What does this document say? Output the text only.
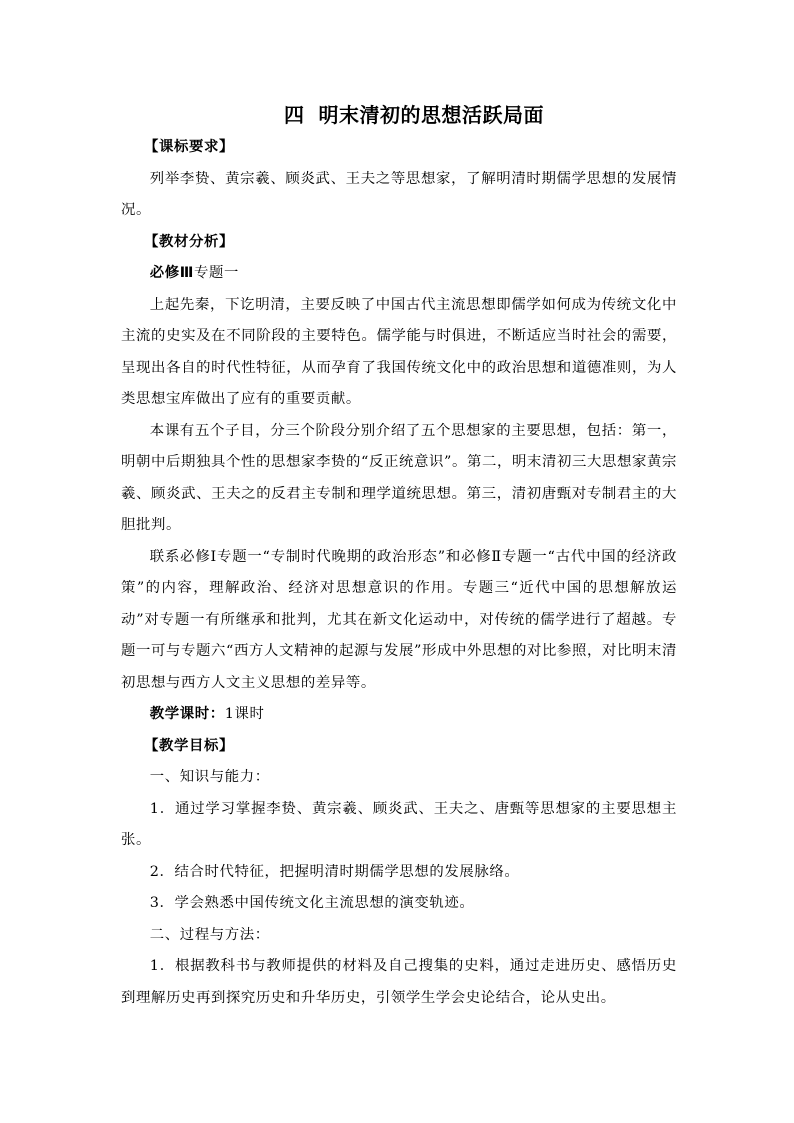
四 明末清初的思想活跃局面

【课标要求】

列举李贽、黄宗羲、顾炎武、王夫之等思想家，了解明清时期儒学思想的发展情况。

【教材分析】

必修Ⅲ专题一

上起先秦，下讫明清，主要反映了中国古代主流思想即儒学如何成为传统文化中主流的史实及在不同阶段的主要特色。儒学能与时俱进，不断适应当时社会的需要，呈现出各自的时代性特征，从而孕育了我国传统文化中的政治思想和道德准则，为人类思想宝库做出了应有的重要贡献。

本课有五个子目，分三个阶段分别介绍了五个思想家的主要思想，包括：第一，明朝中后期独具个性的思想家李贽的“反正统意识”。第二，明末清初三大思想家黄宗羲、顾炎武、王夫之的反君主专制和理学道统思想。第三，清初唐甄对专制君主的大胆批判。

联系必修Ⅰ专题一“专制时代晚期的政治形态”和必修Ⅱ专题一“古代中国的经济政策”的内容，理解政治、经济对思想意识的作用。专题三“近代中国的思想解放运动”对专题一有所继承和批判，尤其在新文化运动中，对传统的儒学进行了超越。专题一可与专题六“西方人文精神的起源与发展”形成中外思想的对比参照，对比明末清初思想与西方人文主义思想的差异等。

教学课时：1课时

【教学目标】

一、知识与能力：

1．通过学习掌握李贽、黄宗羲、顾炎武、王夫之、唐甄等思想家的主要思想主张。

2．结合时代特征，把握明清时期儒学思想的发展脉络。

3．学会熟悉中国传统文化主流思想的演变轨迹。

二、过程与方法：

1．根据教科书与教师提供的材料及自己搜集的史料，通过走进历史、感悟历史到理解历史再到探究历史和升华历史，引领学生学会史论结合，论从史出。
